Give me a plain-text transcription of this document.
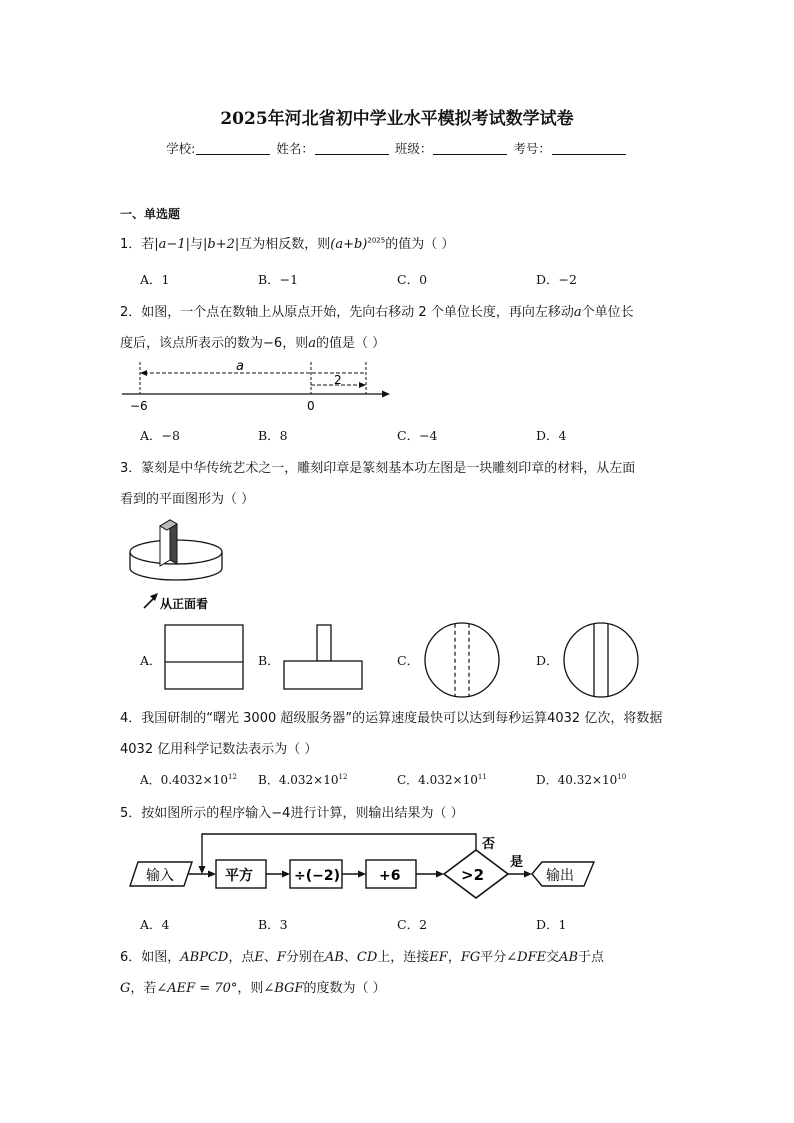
2025年河北省初中学业水平模拟考试数学试卷
学校:	姓名：	班级：	考号：
一、单选题
1．若|a−1|与|b+2|互为相反数，则$(a+b)^{2025}$的值为（ ）
A．1	B．−1	C．0	D．−2
2．如图，一个点在数轴上从原点开始，先向右移动 2 个单位长度，再向左移动a个单位长
度后，该点所表示的数为−6，则a的值是（ ）
a
2
−6	0
A．−8	B．8	C．−4	D．4
3．篆刻是中华传统艺术之一，雕刻印章是篆刻基本功左图是一块雕刻印章的材料，从左面
看到的平面图形为（ ）
从正面看
A．	B．	C．	D．
4．我国研制的“曙光 3000 超级服务器”的运算速度最快可以达到每秒运算4032 亿次，将数据
4032 亿用科学记数法表示为（ ）
A．$0.4032\times 10^{12}$ B．$4.032\times 10^{12}$	C．$4.032\times 10^{11}$	D．$40.32\times 10^{10}$
5．按如图所示的程序输入−4进行计算，则输出结果为（ ）
输入	平方	÷(−2)	+6	>2
否
是
输出
A．4	B．3	C．2	D．1
6．如图，ABPCD，点E、F分别在AB、CD上，连接EF，FG平分∠DFE交AB于点
G，若∠AEF = 70°，则∠BGF的度数为（ ）
